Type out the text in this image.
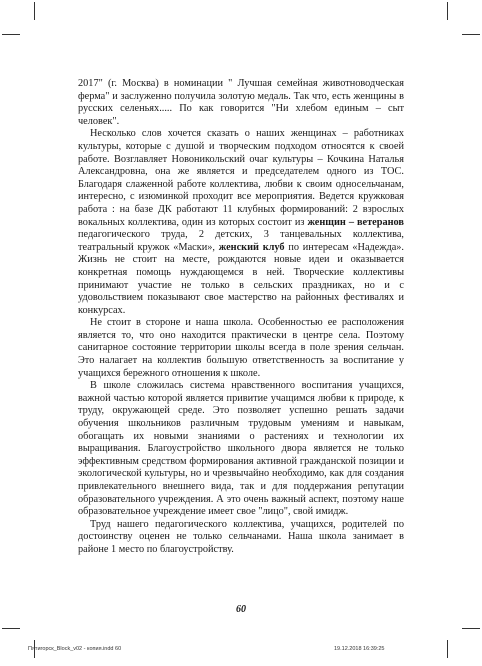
2017" (г. Москва) в номинации " Лучшая семейная животноводческая ферма" и заслуженно получила золотую медаль. Так что, есть женщины в русских селеньях..... По как говорится "Ни хлебом единым – сыт человек".

Несколько слов хочется сказать о наших женщинах – работниках культуры, которые с душой и творческим подходом относятся к своей работе. Возглавляет Новоникольский очаг культуры – Кочкина Наталья Александровна, она же является и председателем одного из ТОС. Благодаря слаженной работе коллектива, любви к своим односельчанам, интересно, с изюминкой проходит все мероприятия. Ведется кружковая работа : на базе ДК работают 11 клубных формирований: 2 взрослых вокальных коллектива, один из которых состоит из женщин – ветеранов педагогического труда, 2 детских, 3 танцевальных коллектива, театральный кружок «Маски», женский клуб по интересам «Надежда». Жизнь не стоит на месте, рождаются новые идеи и оказывается конкретная помощь нуждающемся в ней. Творческие коллективы принимают участие не только в сельских праздниках, но и с удовольствием показывают свое мастерство на районных фестивалях и конкурсах.

Не стоит в стороне и наша школа. Особенностью ее расположения является то, что оно находится практически в центре села. Поэтому санитарное состояние территории школы всегда в поле зрения сельчан. Это налагает на коллектив большую ответственность за воспитание у учащихся бережного отношения к школе.

В школе сложилась система нравственного воспитания учащихся, важной частью которой является привитие учащимся любви к природе, к труду, окружающей среде. Это позволяет успешно решать задачи обучения школьников различным трудовым умениям и навыкам, обогащать их новыми знаниями о растениях и технологии их выращивания. Благоустройство школьного двора является не только эффективным средством формирования активной гражданской позиции и экологической культуры, но и чрезвычайно необходимо, как для создания привлекательного внешнего вида, так и для поддержания репутации образовательного учреждения. А это очень важный аспект, поэтому наше образовательное учреждение имеет свое "лицо", свой имидж.

Труд нашего педагогического коллектива, учащихся, родителей по достоинству оценен не только сельчанами. Наша школа занимает в районе 1 место по благоустройству.

60
Пятигорск_Block_v02 - копия.indd 60	19.12.2018 16:39:25
